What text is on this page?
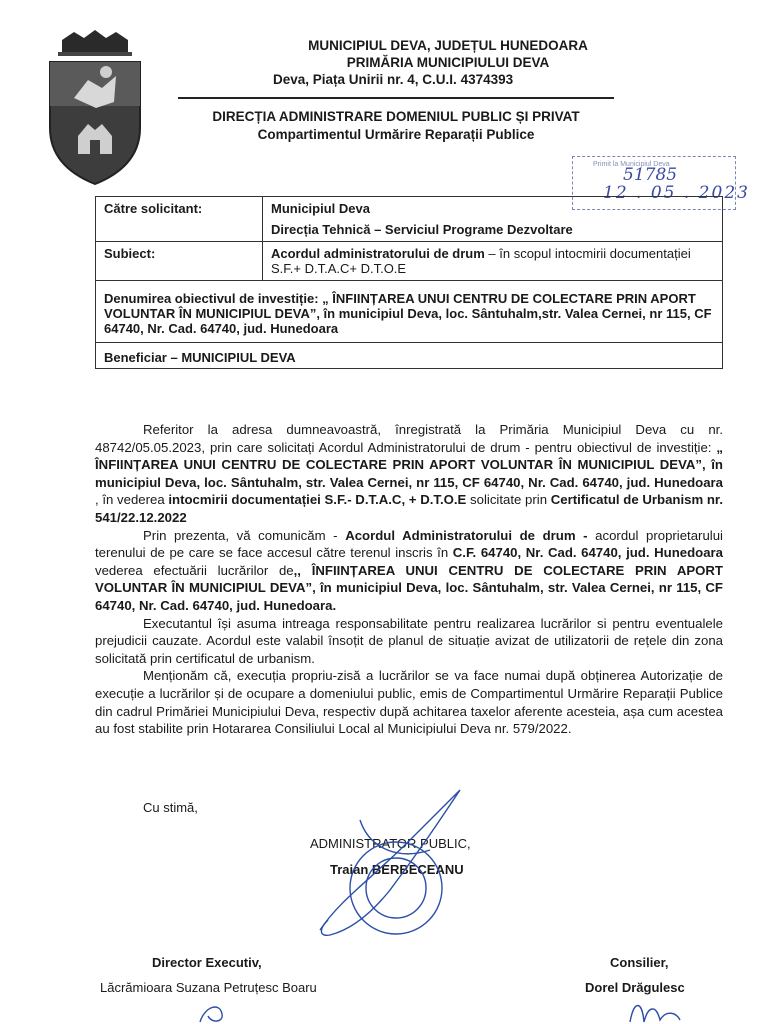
MUNICIPIUL DEVA, JUDEȚUL HUNEDOARA
PRIMĂRIA MUNICIPIULUI DEVA
Deva, Piața Unirii nr. 4, C.U.I. 4374393
DIRECȚIA ADMINISTRARE DOMENIUL PUBLIC ȘI PRIVAT
Compartimentul Urmărire Reparații Publice
Primit la Municipiul Deva
51785
12 . 05 . 2023
Către solicitant:	Municipiul Deva
Direcția Tehnică – Serviciul Programe Dezvoltare

Subiect:	Acordul administratorului de drum – în scopul intocmirii documentației S.F.+ D.T.A.C+ D.T.O.E
Denumirea obiectivul de investiție: „ ÎNFIINȚAREA UNUI CENTRU DE COLECTARE PRIN APORT VOLUNTAR ÎN MUNICIPIUL DEVA”, în municipiul Deva, loc. Sântuhalm,str. Valea Cernei, nr 115, CF 64740, Nr. Cad. 64740, jud. Hunedoara	
Beneficiar – MUNICIPIUL DEVA	

Referitor la adresa dumneavoastră, înregistrată la Primăria Municipiul Deva cu nr. 48742/05.05.2023, prin care solicitați Acordul Administratorului de drum - pentru obiectivul de investiție: „ ÎNFIINȚAREA UNUI CENTRU DE COLECTARE PRIN APORT VOLUNTAR ÎN MUNICIPIUL DEVA”, în municipiul Deva, loc. Sântuhalm, str. Valea Cernei, nr 115, CF 64740, Nr. Cad. 64740, jud. Hunedoara , în vederea intocmirii documentației S.F.- D.T.A.C, + D.T.O.E solicitate prin Certificatul de Urbanism nr. 541/22.12.2022

Prin prezenta, vă comunicăm - Acordul Administratorului de drum - acordul proprietarului terenului de pe care se face accesul către terenul inscris în C.F. 64740, Nr. Cad. 64740, jud. Hunedoara vederea efectuării lucrărilor de,, ÎNFIINȚAREA UNUI CENTRU DE COLECTARE PRIN APORT VOLUNTAR ÎN MUNICIPIUL DEVA”, în municipiul Deva, loc. Sântuhalm, str. Valea Cernei, nr 115, CF 64740, Nr. Cad. 64740, jud. Hunedoara.

Executantul își asuma intreaga responsabilitate pentru realizarea lucrărilor si pentru eventualele prejudicii cauzate. Acordul este valabil însoțit de planul de situație avizat de utilizatorii de rețele din zona solicitată prin certificatul de urbanism.

Menționăm că, execuția propriu-zisă a lucrărilor se va face numai după obținerea Autorizație de execuție a lucrărilor și de ocupare a domeniului public, emis de Compartimentul Urmărire Reparații Publice din cadrul Primăriei Municipiului Deva, respectiv după achitarea taxelor aferente acesteia, așa cum acestea au fost stabilite prin Hotararea Consiliului Local al Municipiului Deva nr. 579/2022.

Cu stimă,
ADMINISTRATOR PUBLIC,
Traian BERBECEANU
Director Executiv,
Lăcrămioara Suzana Petruțesc Boaru
Consilier,
Dorel Drăgulesc
